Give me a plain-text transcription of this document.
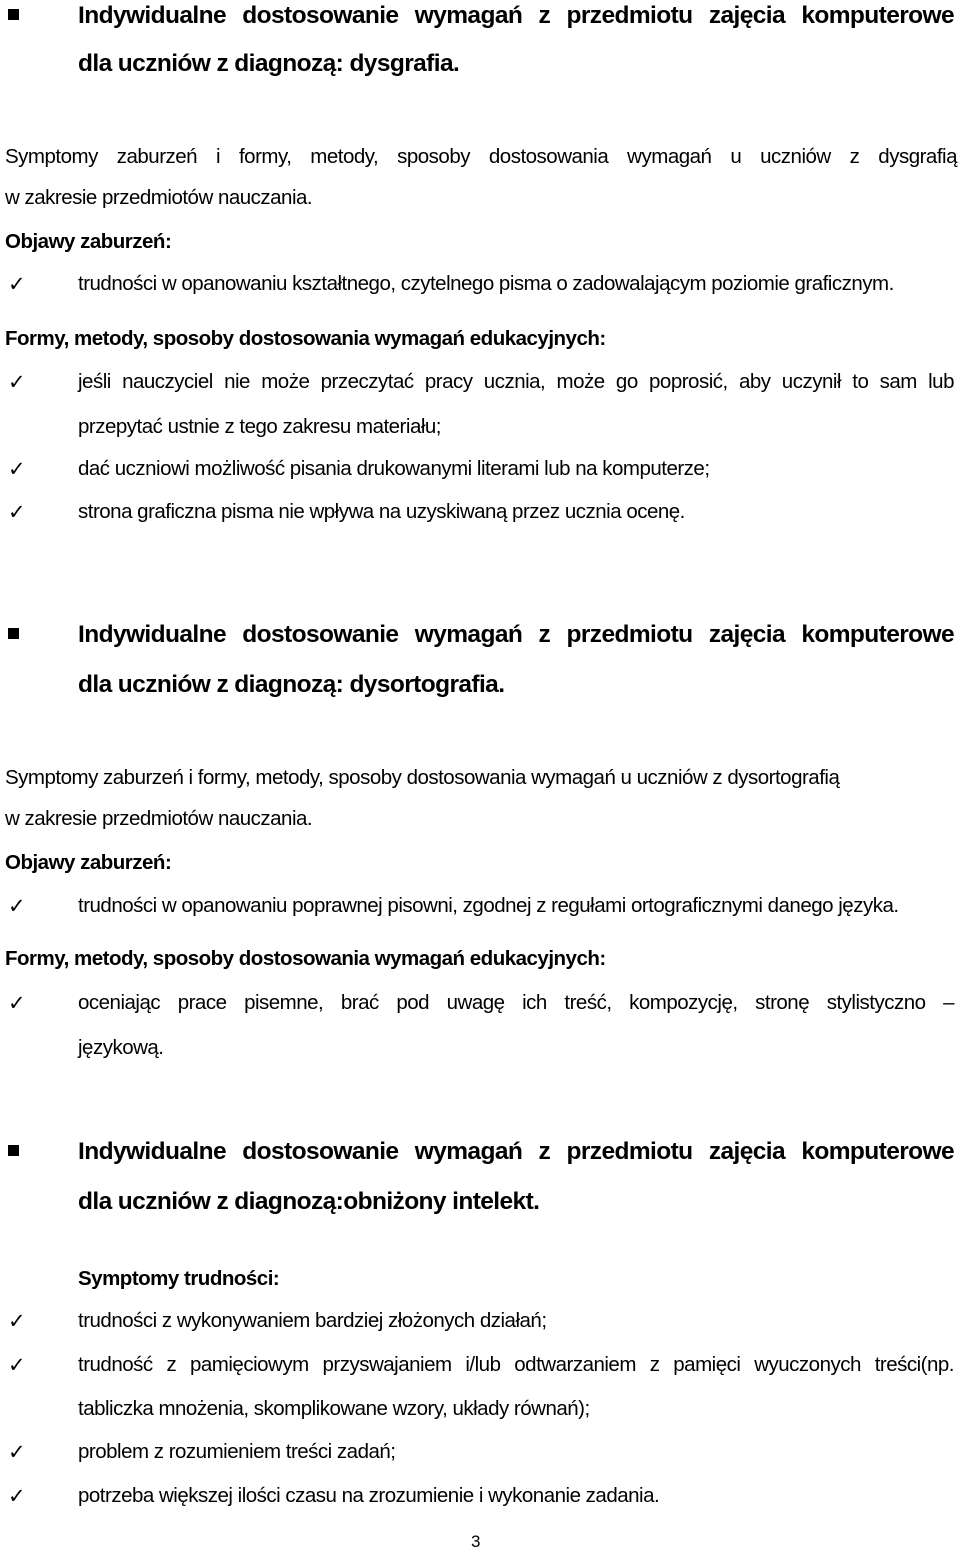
Indywidualne dostosowanie wymagań z przedmiotu zajęcia komputerowe
dla uczniów z diagnozą: dysgrafia.
Symptomy zaburzeń i formy, metody, sposoby dostosowania wymagań u uczniów z dysgrafią
w zakresie przedmiotów nauczania.
Objawy zaburzeń:
✓	trudności w opanowaniu kształtnego, czytelnego pisma o zadowalającym poziomie graficznym.
Formy, metody, sposoby dostosowania wymagań edukacyjnych:
✓	jeśli nauczyciel nie może przeczytać pracy ucznia, może go poprosić, aby uczynił to sam lub
przepytać ustnie z tego zakresu materiału;
✓	dać uczniowi możliwość pisania drukowanymi literami lub na komputerze;
✓	strona graficzna pisma nie wpływa na uzyskiwaną przez ucznia ocenę.
Indywidualne dostosowanie wymagań z przedmiotu zajęcia komputerowe
dla uczniów z diagnozą: dysortografia.
Symptomy zaburzeń i formy, metody, sposoby dostosowania wymagań u uczniów z dysortografią
w zakresie przedmiotów nauczania.
Objawy zaburzeń:
✓	trudności w opanowaniu poprawnej pisowni, zgodnej z regułami ortograficznymi danego języka.
Formy, metody, sposoby dostosowania wymagań edukacyjnych:
✓	oceniając prace pisemne, brać pod uwagę ich treść, kompozycję, stronę stylistyczno –
językową.
Indywidualne dostosowanie wymagań z przedmiotu zajęcia komputerowe
dla uczniów z diagnozą:obniżony intelekt.
Symptomy trudności:
✓	trudności z wykonywaniem bardziej złożonych działań;
✓	trudność z pamięciowym przyswajaniem i/lub odtwarzaniem z pamięci wyuczonych treści(np.
tabliczka mnożenia, skomplikowane wzory, układy równań);
✓	problem z rozumieniem treści zadań;
✓	potrzeba większej ilości czasu na zrozumienie i wykonanie zadania.
3
